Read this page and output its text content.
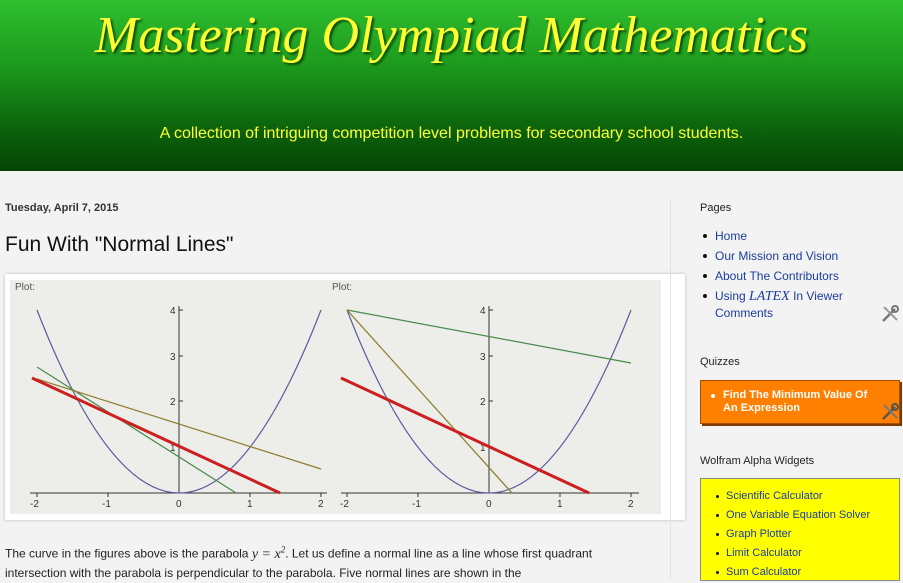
Mastering Olympiad Mathematics
A collection of intriguing competition level problems for secondary school students.
Tuesday, April 7, 2015
Fun With "Normal Lines"
Plot:
-2	-1	0	1	2
1
2
3
4
Plot:
-2	-1	0	1	2
1
2
3
4
The curve in the figures above is the parabola $y = x^2$. Let us define a normal line as a line whose first quadrant intersection with the parabola is perpendicular to the parabola. Five normal lines are shown in the
Pages
Home
Our Mission and Vision
About The Contributors
Using LATEX In Viewer Comments
Quizzes
Find The Minimum Value Of An Expression
Wolfram Alpha Widgets
Scientific Calculator
One Variable Equation Solver
Graph Plotter
Limit Calculator
Sum Calculator
